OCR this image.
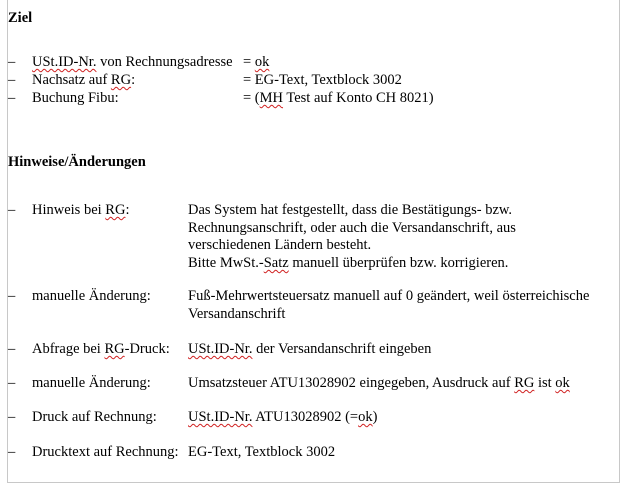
Ziel
– USt.ID-Nr. von Rechnungsadresse = ok
– Nachsatz auf RG:	= EG-Text, Textblock 3002
– Buchung Fibu:	= (MH Test auf Konto CH 8021)
Hinweise/Änderungen
– Hinweis bei RG:	Das System hat festgestellt, dass die Bestätigungs- bzw.
Rechnungsanschrift, oder auch die Versandanschrift, aus
verschiedenen Ländern besteht.
Bitte MwSt.-Satz manuell überprüfen bzw. korrigieren.
– manuelle Änderung:	Fuß-Mehrwertsteuersatz manuell auf 0 geändert, weil österreichische
Versandanschrift
– Abfrage bei RG-Druck: USt.ID-Nr. der Versandanschrift eingeben
– manuelle Änderung:	Umsatzsteuer ATU13028902 eingegeben, Ausdruck auf RG ist ok
– Druck auf Rechnung: USt.ID-Nr. ATU13028902 (=ok)
– Drucktext auf Rechnung: EG-Text, Textblock 3002
